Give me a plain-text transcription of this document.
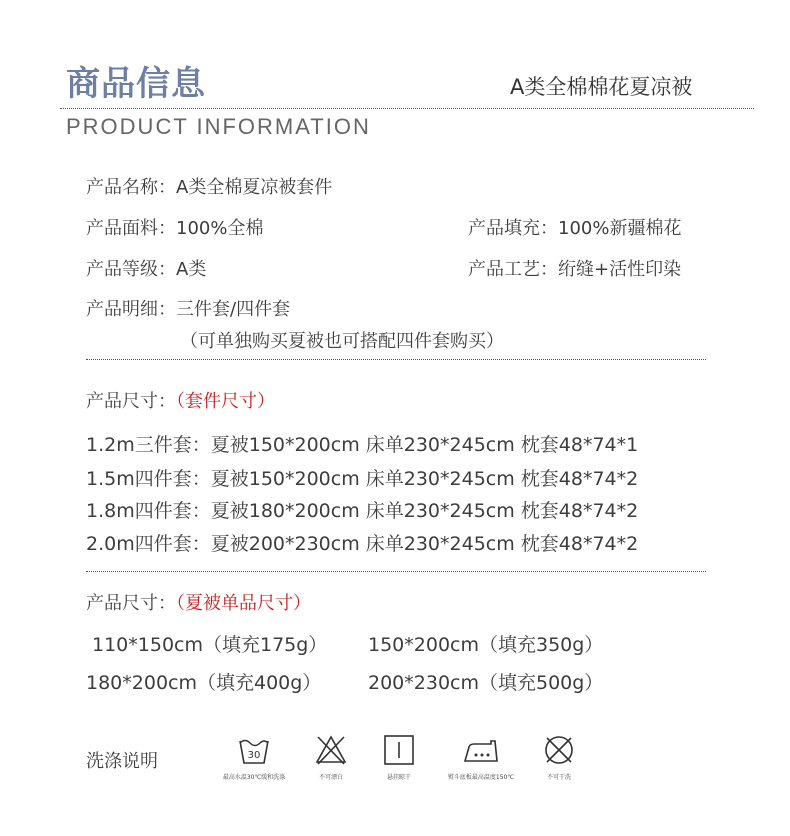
商品信息	A类全棉棉花夏凉被
PRODUCT INFORMATION
产品名称：A类全棉夏凉被套件
产品面料：100%全棉	产品填充：100%新疆棉花
产品等级：A类	产品工艺：绗缝+活性印染
产品明细：三件套/四件套
（可单独购买夏被也可搭配四件套购买）
产品尺寸：（套件尺寸）
1.2m三件套：夏被150*200cm 床单230*245cm 枕套48*74*1
1.5m四件套：夏被150*200cm 床单230*245cm 枕套48*74*2
1.8m四件套：夏被180*200cm 床单230*245cm 枕套48*74*2
2.0m四件套：夏被200*230cm 床单230*245cm 枕套48*74*2
产品尺寸：（夏被单品尺寸）
110*150cm（填充175g） 150*200cm（填充350g）
180*200cm（填充400g） 200*230cm（填充500g）
洗涤说明	30
最高水温30℃缓和洗涤	不可漂白	悬挂晾干	熨斗底板最高温度150℃	不可干洗
